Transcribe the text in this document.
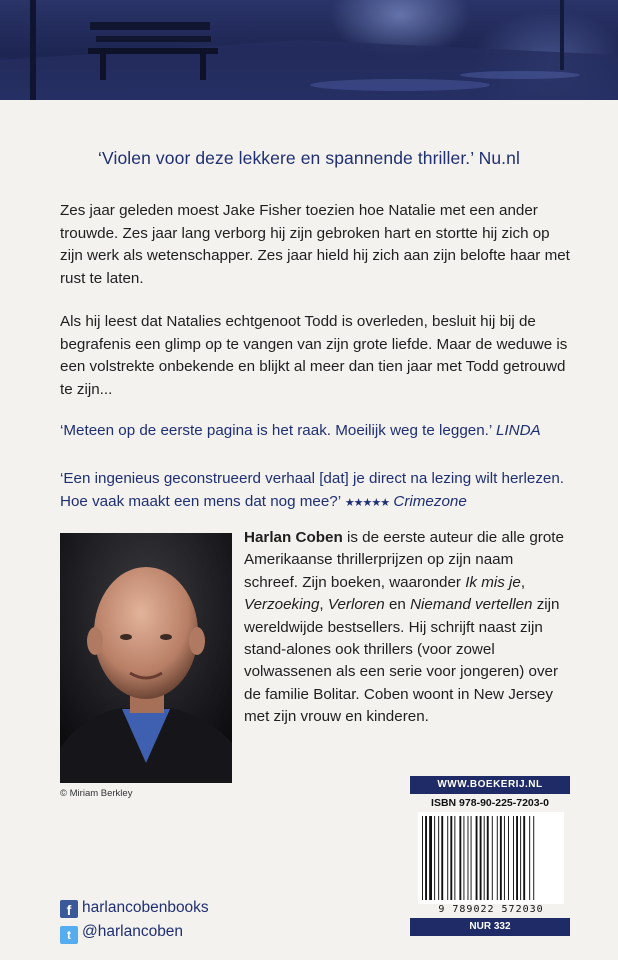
‘Violen voor deze lekkere en spannende thriller.’ Nu.nl
Zes jaar geleden moest Jake Fisher toezien hoe Natalie met een ander trouwde. Zes jaar lang verborg hij zijn gebroken hart en stortte hij zich op zijn werk als wetenschapper. Zes jaar hield hij zich aan zijn belofte haar met rust te laten.
Als hij leest dat Natalies echtgenoot Todd is overleden, besluit hij bij de begrafenis een glimp op te vangen van zijn grote liefde. Maar de weduwe is een volstrekte onbekende en blijkt al meer dan tien jaar met Todd getrouwd te zijn...
‘Meteen op de eerste pagina is het raak. Moeilijk weg te leggen.’ LINDA
‘Een ingenieus geconstrueerd verhaal [dat] je direct na lezing wilt herlezen. Hoe vaak maakt een mens dat nog mee?’ ★★★★★ Crimezone
© Miriam Berkley
Harlan Coben is de eerste auteur die alle grote Amerikaanse thrillerprijzen op zijn naam schreef. Zijn boeken, waaronder Ik mis je, Verzoeking, Verloren en Niemand vertellen zijn wereldwijde bestsellers. Hij schrijft naast zijn stand-alones ook thrillers (voor zowel volwassenen als een serie voor jongeren) over de familie Bolitar. Coben woont in New Jersey met zijn vrouw en kinderen.
WWW.BOEKERIJ.NL
ISBN 978-90-225-7203-0
9 789022 572030
NUR 332
f harlancobenbooks
t @harlancoben
